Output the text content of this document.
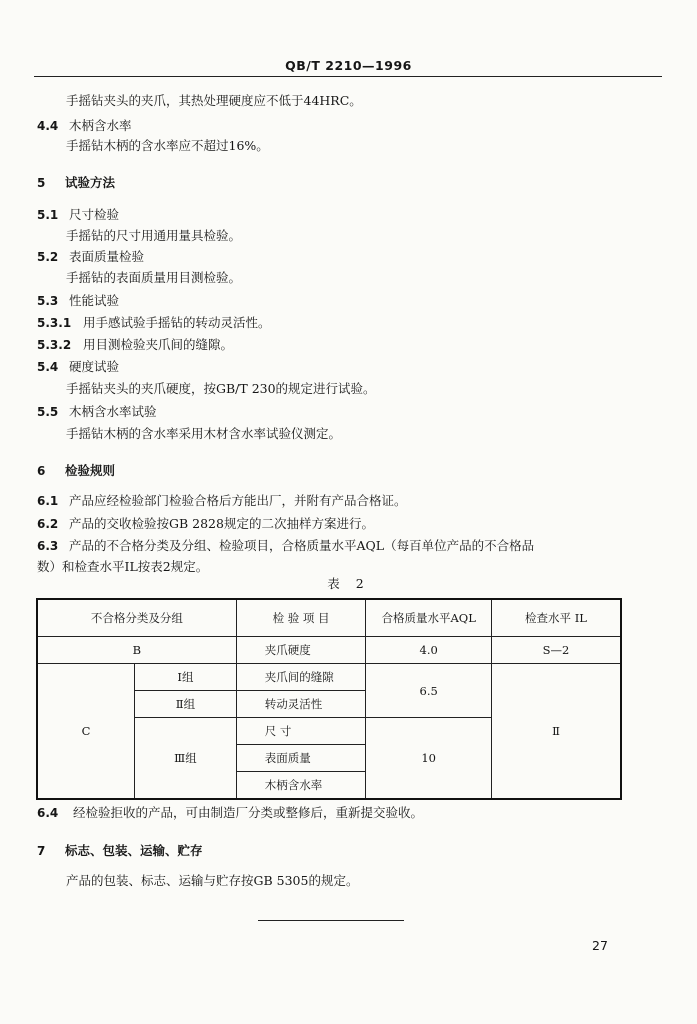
QB/T 2210—1996
手摇钻夹头的夹爪，其热处理硬度应不低于44HRC。
4.4 木柄含水率
手摇钻木柄的含水率应不超过16%。
5 试验方法
5.1 尺寸检验
手摇钻的尺寸用通用量具检验。
5.2 表面质量检验
手摇钻的表面质量用目测检验。
5.3 性能试验
5.3.1 用手感试验手摇钻的转动灵活性。
5.3.2 用目测检验夹爪间的缝隙。
5.4 硬度试验
手摇钻夹头的夹爪硬度，按GB/T 230的规定进行试验。
5.5 木柄含水率试验
手摇钻木柄的含水率采用木材含水率试验仪测定。
6 检验规则
6.1 产品应经检验部门检验合格后方能出厂，并附有产品合格证。
6.2 产品的交收检验按GB 2828规定的二次抽样方案进行。
6.3 产品的不合格分类及分组、检验项目，合格质量水平AQL（每百单位产品的不合格品
数）和检查水平IL按表2规定。
表 2
不合格分类及分组		检 验 项 目	合格质量水平AQL	检查水平 IL
B		夹爪硬度	4.0	S—2
C	Ⅰ组	夹爪间的缝隙	6.5	Ⅱ
	Ⅱ组	转动灵活性		
	Ⅲ组	尺 寸	10	
		表面质量		
		木柄含水率		
6.4 经检验拒收的产品，可由制造厂分类或整修后，重新提交验收。
7 标志、包装、运输、贮存
产品的包装、标志、运输与贮存按GB 5305的规定。
27
